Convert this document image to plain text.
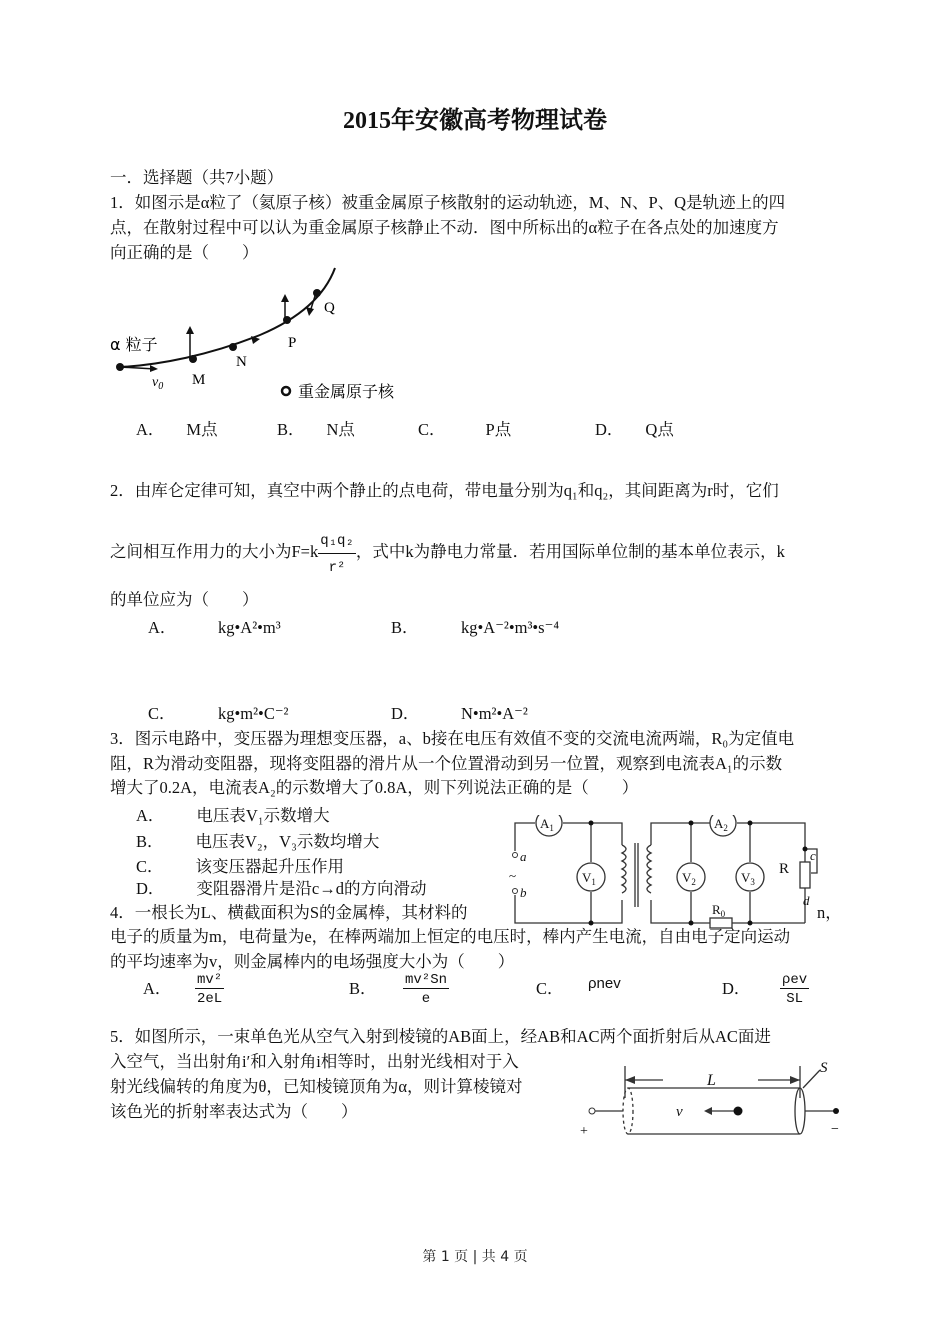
2015年安徽高考物理试卷
一．选择题（共7小题）
1．如图示是α粒了（氦原子核）被重金属原子核散射的运动轨迹，M、N、P、Q是轨迹上的四
点，在散射过程中可以认为重金属原子核静止不动．图中所标出的α粒子在各点处的加速度方
向正确的是（　　）
α 粒子
$v_0$ M
N
P
Q
重金属原子核
A． M点	B． N点	C． P点	D． Q点
2．由库仑定律可知，真空中两个静止的点电荷，带电量分别为q₁和q₂，其间距离为r时，它们
之间相互作用力的大小为$F=k \frac{\text{q₁q₂}}{\text{r²}}$ ，式中k为静电力常量．若用国际单位制的基本单位表示，k
的单位应为（　　）
A．	kg•A²•m³	B．	kg•A⁻²•m³•s⁻⁴
C．	kg•m²•C⁻²	D．	N•m²•A⁻²
3．图示电路中，变压器为理想变压器，a、b接在电压有效值不变的交流电流两端，R₀为定值电
阻，R为滑动变阻器，现将变阻器的滑片从一个位置滑动到另一位置，观察到电流表A₁的示数
增大了0.2A，电流表A₂的示数增大了0.8A，则下列说法正确的是（　　）
A． 电压表V₁示数增大
B． 电压表V₂，V₃示数均增大
C． 该变压器起升压作用
D． 变阻器滑片是沿c→d的方向滑动
$A_1$
$V_1$
$A_2$
$V_2$	$V_3$
R
$R_0$
a
b
~
c
d
4．一根长为L、横截面积为S的金属棒，其材料的	n，
电子的质量为m，电荷量为e，在棒两端加上恒定的电压时，棒内产生电流，自由电子定向运动
的平均速率为v，则金属棒内的电场强度大小为（　　）
A． $\frac{\text{mv²}}{2eL}$	B． $\frac{\text{mv²Sn}}{e}$	C． ρnev	D． $\frac{\text{ρev}}{SL}$
5．如图所示，一束单色光从空气入射到棱镜的AB面上，经AB和AC两个面折射后从AC面进
入空气，当出射角i′和入射角i相等时，出射光线相对于入
射光线偏转的角度为θ，已知棱镜顶角为α，则计算棱镜对
该色光的折射率表达式为（　　）
L
S
v
+	−
第 1 页 | 共 4 页
